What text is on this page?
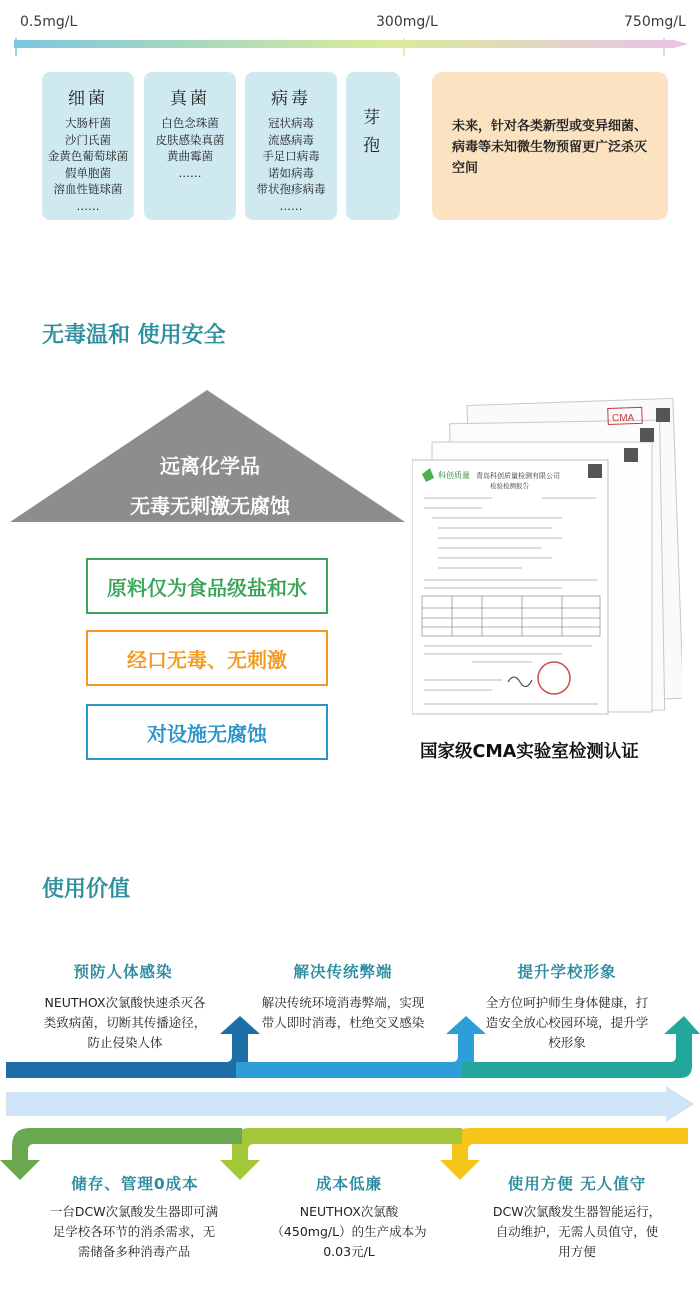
0.5mg/L	300mg/L	750mg/L
细菌
大肠杆菌
沙门氏菌
金黄色葡萄球菌
假单胞菌
溶血性链球菌
……
真菌
白色念珠菌
皮肤感染真菌
黄曲霉菌
……
病毒
冠状病毒
流感病毒
手足口病毒
诺如病毒
带状孢疹病毒
……
芽
孢
未来，针对各类新型或变异细菌、病毒等未知微生物预留更广泛杀灭空间
无毒温和 使用安全
远离化学品
无毒无刺激无腐蚀
原料仅为食品级盐和水
经口无毒、无刺激
对设施无腐蚀
CMA
科创质量 青岛科创质量检测有限公司
检验检测报告
国家级CMA实验室检测认证
使用价值
预防人体感染
NEUTHOX次氯酸快速杀灭各类致病菌，切断其传播途径，防止侵染人体
解决传统弊端
解决传统环境消毒弊端，实现带人即时消毒，杜绝交叉感染
提升学校形象
全方位呵护师生身体健康，打造安全放心校园环境，提升学校形象
储存、管理0成本
一台DCW次氯酸发生器即可满足学校各环节的消杀需求，无需储备多种消毒产品
成本低廉
NEUTHOX次氯酸（450mg/L）的生产成本为0.03元/L
使用方便 无人值守
DCW次氯酸发生器智能运行，自动维护，无需人员值守，使用方便
